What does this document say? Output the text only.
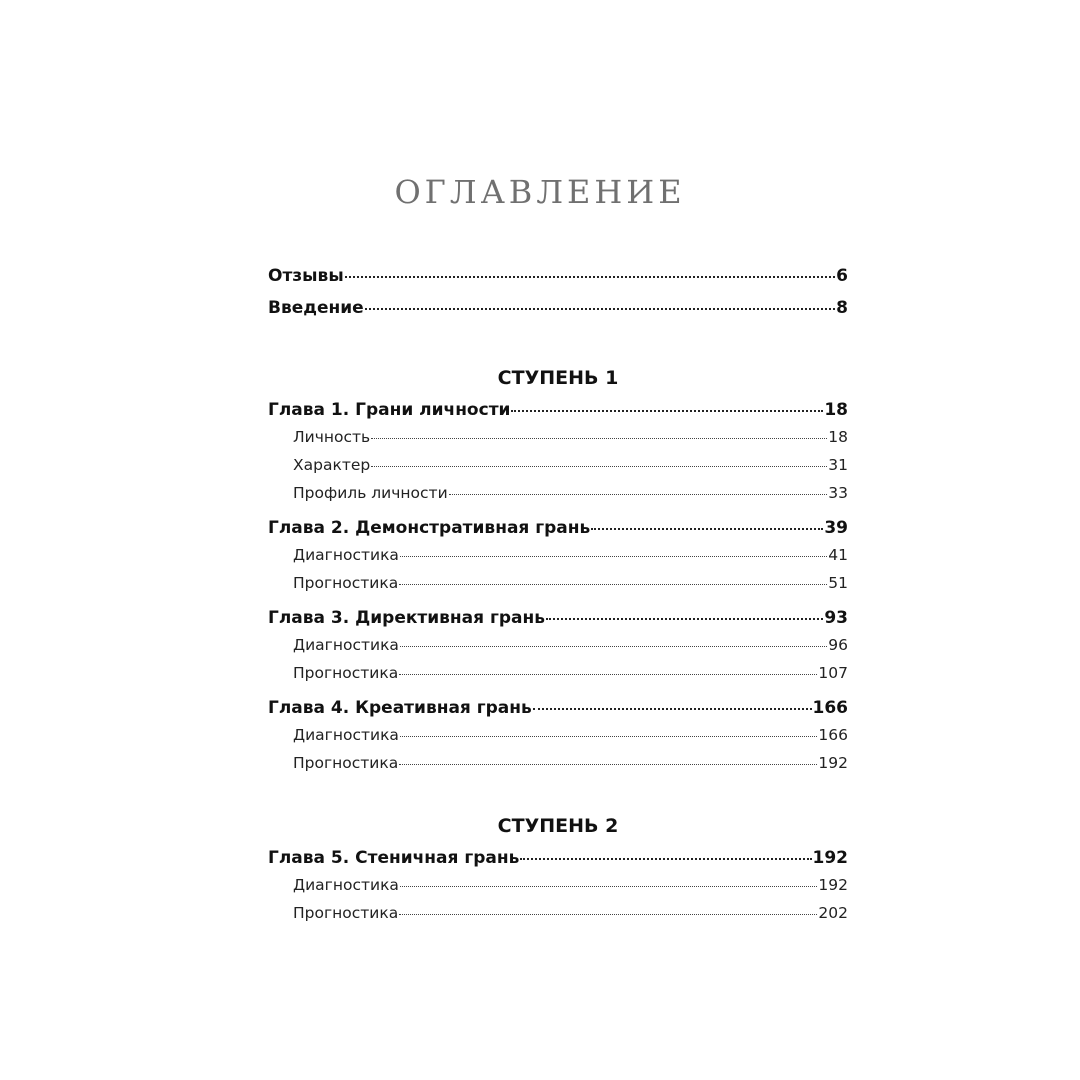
ОГЛАВЛЕНИЕ
Отзывы	6
Введение	8
СТУПЕНЬ 1
Глава 1. Грани личности	18
Личность	18
Характер	31
Профиль личности	33
Глава 2. Демонстративная грань	39
Диагностика	41
Прогностика	51
Глава 3. Директивная грань	93
Диагностика	96
Прогностика	107
Глава 4. Креативная грань	166
Диагностика	166
Прогностика	192
СТУПЕНЬ 2
Глава 5. Стеничная грань	192
Диагностика	192
Прогностика	202
